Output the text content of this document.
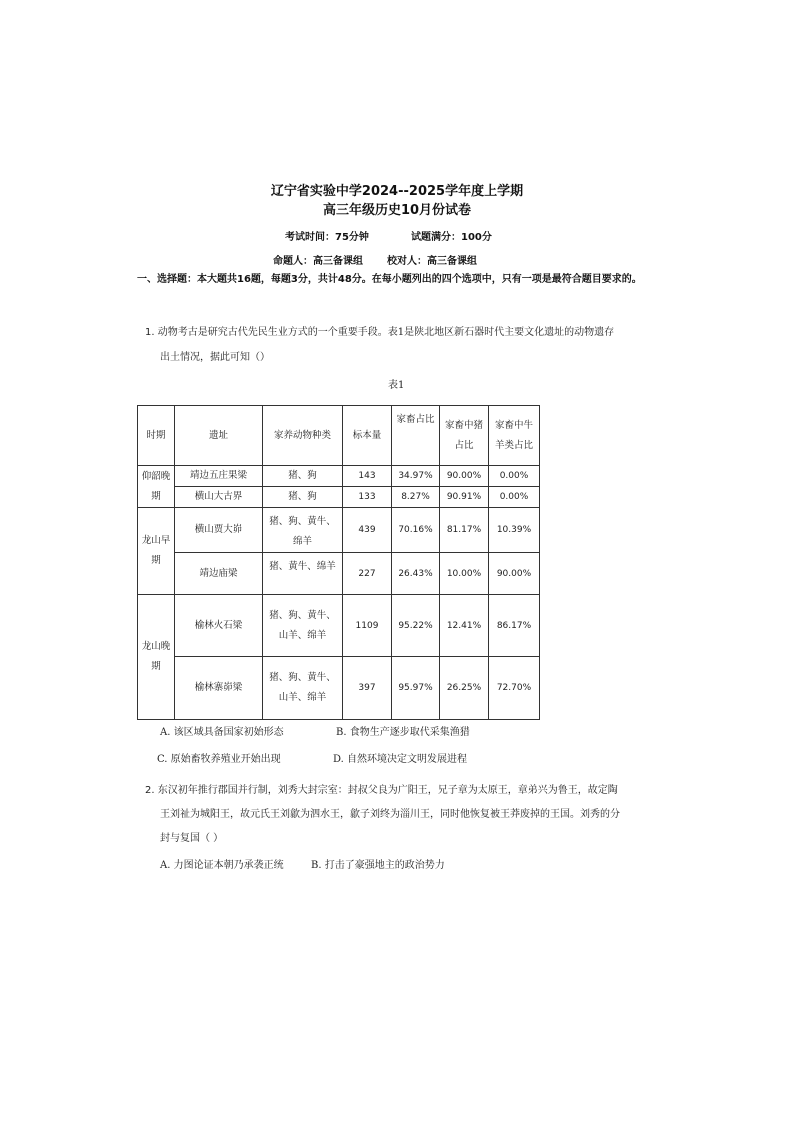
辽宁省实验中学2024--2025学年度上学期
高三年级历史10月份试卷
考试时间：75分钟	试题满分：100分
命题人：高三备课组 校对人：高三备课组
一、选择题：本大题共16题，每题3分，共计48分。在每小题列出的四个选项中，只有一项是最符合题目要求的。
1. 动物考古是研究古代先民生业方式的一个重要手段。表1是陕北地区新石器时代主要文化遗址的动物遗存
出土情况，据此可知（）
表1
时期	遗址	家养动物种类	标本量	家畜占比	家畜中猪占比	家畜中牛羊类占比
仰韶晚期	靖边五庄果梁	猪、狗	143	34.97%	90.00%	0.00%
	横山大古界	猪、狗	133	8.27%	90.91%	0.00%
龙山早期	横山贾大峁	猪、狗、黄牛、绵羊	439	70.16%	81.17%	10.39%
	靖边庙梁	猪、黄牛、绵羊	227	26.43%	10.00%	90.00%
龙山晚期	榆林火石梁	猪、狗、黄牛、山羊、绵羊	1109	95.22%	12.41%	86.17%
	榆林寨峁梁	猪、狗、黄牛、山羊、绵羊	397	95.97%	26.25%	72.70%
A. 该区域具备国家初始形态	B. 食物生产逐步取代采集渔猎
C. 原始畜牧养殖业开始出现	D. 自然环境决定文明发展进程
2. 东汉初年推行郡国并行制，刘秀大封宗室：封叔父良为广阳王，兄子章为太原王，章弟兴为鲁王，故定陶
王刘祉为城阳王，故元氏王刘歙为泗水王，歙子刘终为淄川王，同时他恢复被王莽废掉的王国。刘秀的分
封与复国（ ）
A. 力图论证本朝乃承袭正统	B. 打击了豪强地主的政治势力
